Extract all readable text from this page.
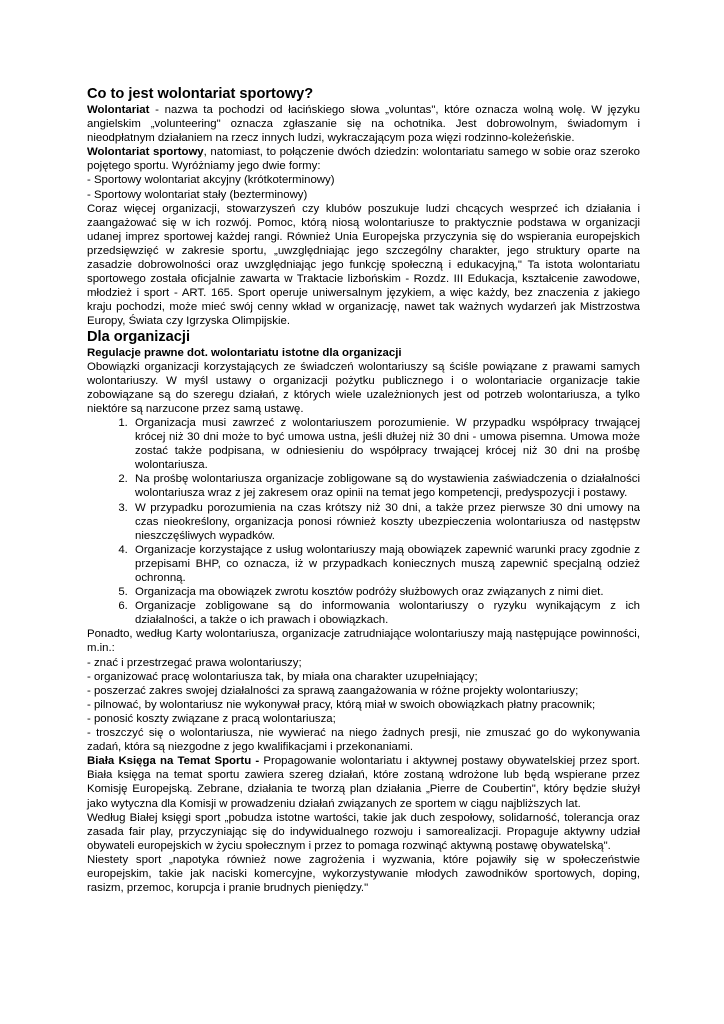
Co to jest wolontariat sportowy?

Wolontariat - nazwa ta pochodzi od łacińskiego słowa „voluntas", które oznacza wolną wolę. W języku angielskim „volunteering" oznacza zgłaszanie się na ochotnika. Jest dobrowolnym, świadomym i nieodpłatnym działaniem na rzecz innych ludzi, wykraczającym poza więzi rodzinno-koleżeńskie.

Wolontariat sportowy, natomiast, to połączenie dwóch dziedzin: wolontariatu samego w sobie oraz szeroko pojętego sportu. Wyróżniamy jego dwie formy:

- Sportowy wolontariat akcyjny (krótkoterminowy)

- Sportowy wolontariat stały (bezterminowy)

Coraz więcej organizacji, stowarzyszeń czy klubów poszukuje ludzi chcących wesprzeć ich działania i zaangażować się w ich rozwój. Pomoc, którą niosą wolontariusze to praktycznie podstawa w organizacji udanej imprez sportowej każdej rangi. Również Unia Europejska przyczynia się do wspierania europejskich przedsięwzięć w zakresie sportu, „uwzględniając jego szczególny charakter, jego struktury oparte na zasadzie dobrowolności oraz uwzględniając jego funkcję społeczną i edukacyjną," Ta istota wolontariatu sportowego została oficjalnie zawarta w Traktacie lizbońskim - Rozdz. III Edukacja, kształcenie zawodowe, młodzież i sport - ART. 165. Sport operuje uniwersalnym językiem, a więc każdy, bez znaczenia z jakiego kraju pochodzi, może mieć swój cenny wkład w organizację, nawet tak ważnych wydarzeń jak Mistrzostwa Europy, Świata czy Igrzyska Olimpijskie.

Dla organizacji
Regulacje prawne dot. wolontariatu istotne dla organizacji

Obowiązki organizacji korzystających ze świadczeń wolontariuszy są ściśle powiązane z prawami samych wolontariuszy. W myśl ustawy o organizacji pożytku publicznego i o wolontariacie organizacje takie zobowiązane są do szeregu działań, z których wiele uzależnionych jest od potrzeb wolontariusza, a tylko niektóre są narzucone przez samą ustawę.

1. Organizacja musi zawrzeć z wolontariuszem porozumienie. W przypadku współpracy trwającej krócej niż 30 dni może to być umowa ustna, jeśli dłużej niż 30 dni - umowa pisemna. Umowa może zostać także podpisana, w odniesieniu do współpracy trwającej krócej niż 30 dni na prośbę wolontariusza.
2. Na prośbę wolontariusza organizacje zobligowane są do wystawienia zaświadczenia o działalności wolontariusza wraz z jej zakresem oraz opinii na temat jego kompetencji, predyspozycji i postawy.
3. W przypadku porozumienia na czas krótszy niż 30 dni, a także przez pierwsze 30 dni umowy na czas nieokreślony, organizacja ponosi również koszty ubezpieczenia wolontariusza od następstw nieszczęśliwych wypadków.
4. Organizacje korzystające z usług wolontariuszy mają obowiązek zapewnić warunki pracy zgodnie z przepisami BHP, co oznacza, iż w przypadkach koniecznych muszą zapewnić specjalną odzież ochronną.
5. Organizacja ma obowiązek zwrotu kosztów podróży służbowych oraz związanych z nimi diet.
6. Organizacje zobligowane są do informowania wolontariuszy o ryzyku wynikającym z ich działalności, a także o ich prawach i obowiązkach.

Ponadto, według Karty wolontariusza, organizacje zatrudniające wolontariuszy mają następujące powinności, m.in.:

- znać i przestrzegać prawa wolontariuszy;

- organizować pracę wolontariusza tak, by miała ona charakter uzupełniający;

- poszerzać zakres swojej działalności za sprawą zaangażowania w różne projekty wolontariuszy;

- pilnować, by wolontariusz nie wykonywał pracy, którą miał w swoich obowiązkach płatny pracownik;

- ponosić koszty związane z pracą wolontariusza;

- troszczyć się o wolontariusza, nie wywierać na niego żadnych presji, nie zmuszać go do wykonywania zadań, która są niezgodne z jego kwalifikacjami i przekonaniami.

Biała Księga na Temat Sportu - Propagowanie wolontariatu i aktywnej postawy obywatelskiej przez sport. Biała księga na temat sportu zawiera szereg działań, które zostaną wdrożone lub będą wspierane przez Komisję Europejską. Zebrane, działania te tworzą plan działania „Pierre de Coubertin", który będzie służył jako wytyczna dla Komisji w prowadzeniu działań związanych ze sportem w ciągu najbliższych lat.

Według Białej księgi sport „pobudza istotne wartości, takie jak duch zespołowy, solidarność, tolerancja oraz zasada fair play, przyczyniając się do indywidualnego rozwoju i samorealizacji. Propaguje aktywny udział obywateli europejskich w życiu społecznym i przez to pomaga rozwinąć aktywną postawę obywatelską".

Niestety sport „napotyka również nowe zagrożenia i wyzwania, które pojawiły się w społeczeństwie europejskim, takie jak naciski komercyjne, wykorzystywanie młodych zawodników sportowych, doping, rasizm, przemoc, korupcja i pranie brudnych pieniędzy."
